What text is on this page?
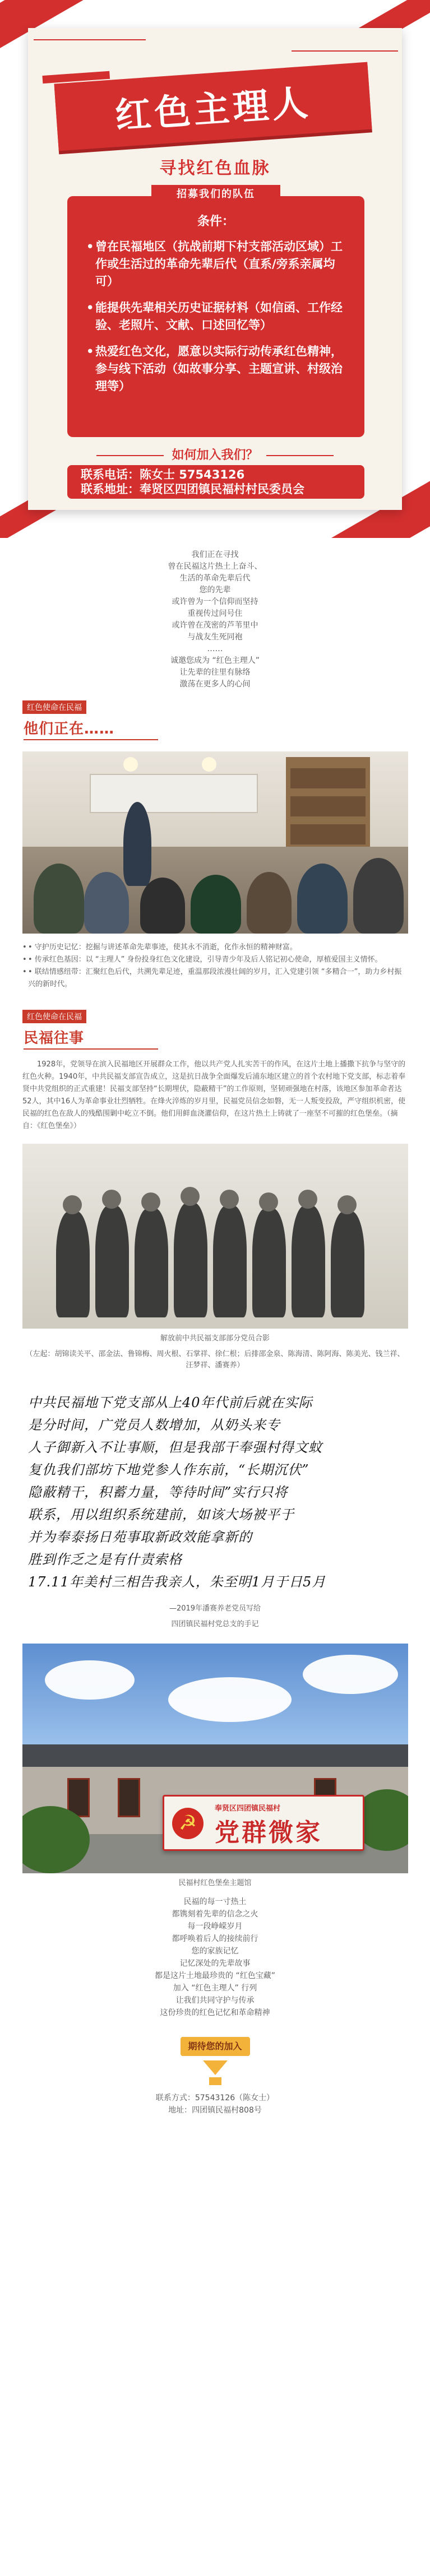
红色主理人
寻找红色血脉
条件：
• 曾在民福地区（抗战前期下村支部活动区域）工作或生活过的革命先辈后代（直系/旁系亲属均可）
• 能提供先辈相关历史证据材料（如信函、工作经验、老照片、文献、口述回忆等）
• 热爱红色文化，愿意以实际行动传承红色精神，参与线下活动（如故事分享、主题宣讲、村级治理等）
招募我们的队伍
如何加入我们？
联系电话：陈女士 57543126
联系地址：奉贤区四团镇民福村村民委员会

我们正在寻找

曾在民福这片热土上奋斗、

生活的革命先辈后代

您的先辈

或许曾为一个信仰而坚持

重视传过问号住

或许曾在茂密的芦苇里中

与战友生死同袍

……

诚邀您成为 “红色主理人”

让先辈的往里有脉络

激荡在更多人的心间

红色使命在民福
他们正在……

• • 守护历史记忆：挖掘与讲述革命先辈事迹，使其永不消逝，化作永恒的精神财富。

• • 传承红色基因：以 “主理人” 身份投身红色文化建设，引导青少年及后人铭记初心使命，厚植爱国主义情怀。

• • 联结情感纽带：汇聚红色后代，共溯先辈足迹，重温那段浓漫壮阔的岁月，汇入党建引领 “多精合一”，助力乡村振兴的新时代。

红色使命在民福
民福往事

1928年，党领导在滨入民福地区开展群众工作，他以共产党人扎实苦干的作风，在这片土地上播撒下抗争与坚守的红色火种。1940年，中共民福支部宣告成立，这是抗日战争全面爆发后浦东地区建立的首个农村地下党支部，标志着奉贤中共党组织的正式重建！民福支部坚持“长期埋伏，隐蔽精干”的工作原则，坚韧顽强地在村落，该地区参加革命者达52人，其中16人为革命事业壮烈牺牲。在烽火淬炼的岁月里，民福党员信念如磐，无一人叛变投敌，严守组织机密，使民福的红色在敌人的残酷围剿中屹立不倒。他们用鲜血浇灌信仰，在这片热土上铸就了一座坚不可摧的红色堡垒。（摘自：《红色堡垒》）

解放前中共民福支部部分党员合影

（左起：胡锦读关平、邵金法、鲁锦梅、周火根、石掌祥、徐仁根；后排邵金泉、陈海清、陈阿海、陈美光、钱兰祥、汪梦祥、潘赛养）

中共民福地下党支部从上40年代前后就在实际
是分时间，广党员人数增加，从奶头来专
人子御新入不让事顺，但是我部干奉强村得文蚊
复仇我们部坊下地党参人作东前，“长期沉伏”
隐蔽精干，积蓄力量，等待时间”实行只将
联系，用以组织系统建前，如该大场被平于
并为奉泰扬日苑事取新政效能拿新的
胜到作乏之是有什责索格
17.11年美村三相告我亲人，朱至明1月于日5月

—2019年潘赛养老党员写给

四团镇民福村党总支的手记

☭
奉贤区四团镇民福村
党群微家

民福村红色堡垒主题馆

民福的每一寸热土

都镌刻着先辈的信念之火

每一段峥嵘岁月

都呼唤着后人的接续前行

您的家族记忆

记忆深处的先辈故事

都是这片土地最珍贵的 “红色宝藏”

加入 “红色主理人” 行列

让我们共同守护与传承

这份珍贵的红色记忆和革命精神

期待您的加入

联系方式：57543126（陈女士）

地址：四团镇民福村808号
